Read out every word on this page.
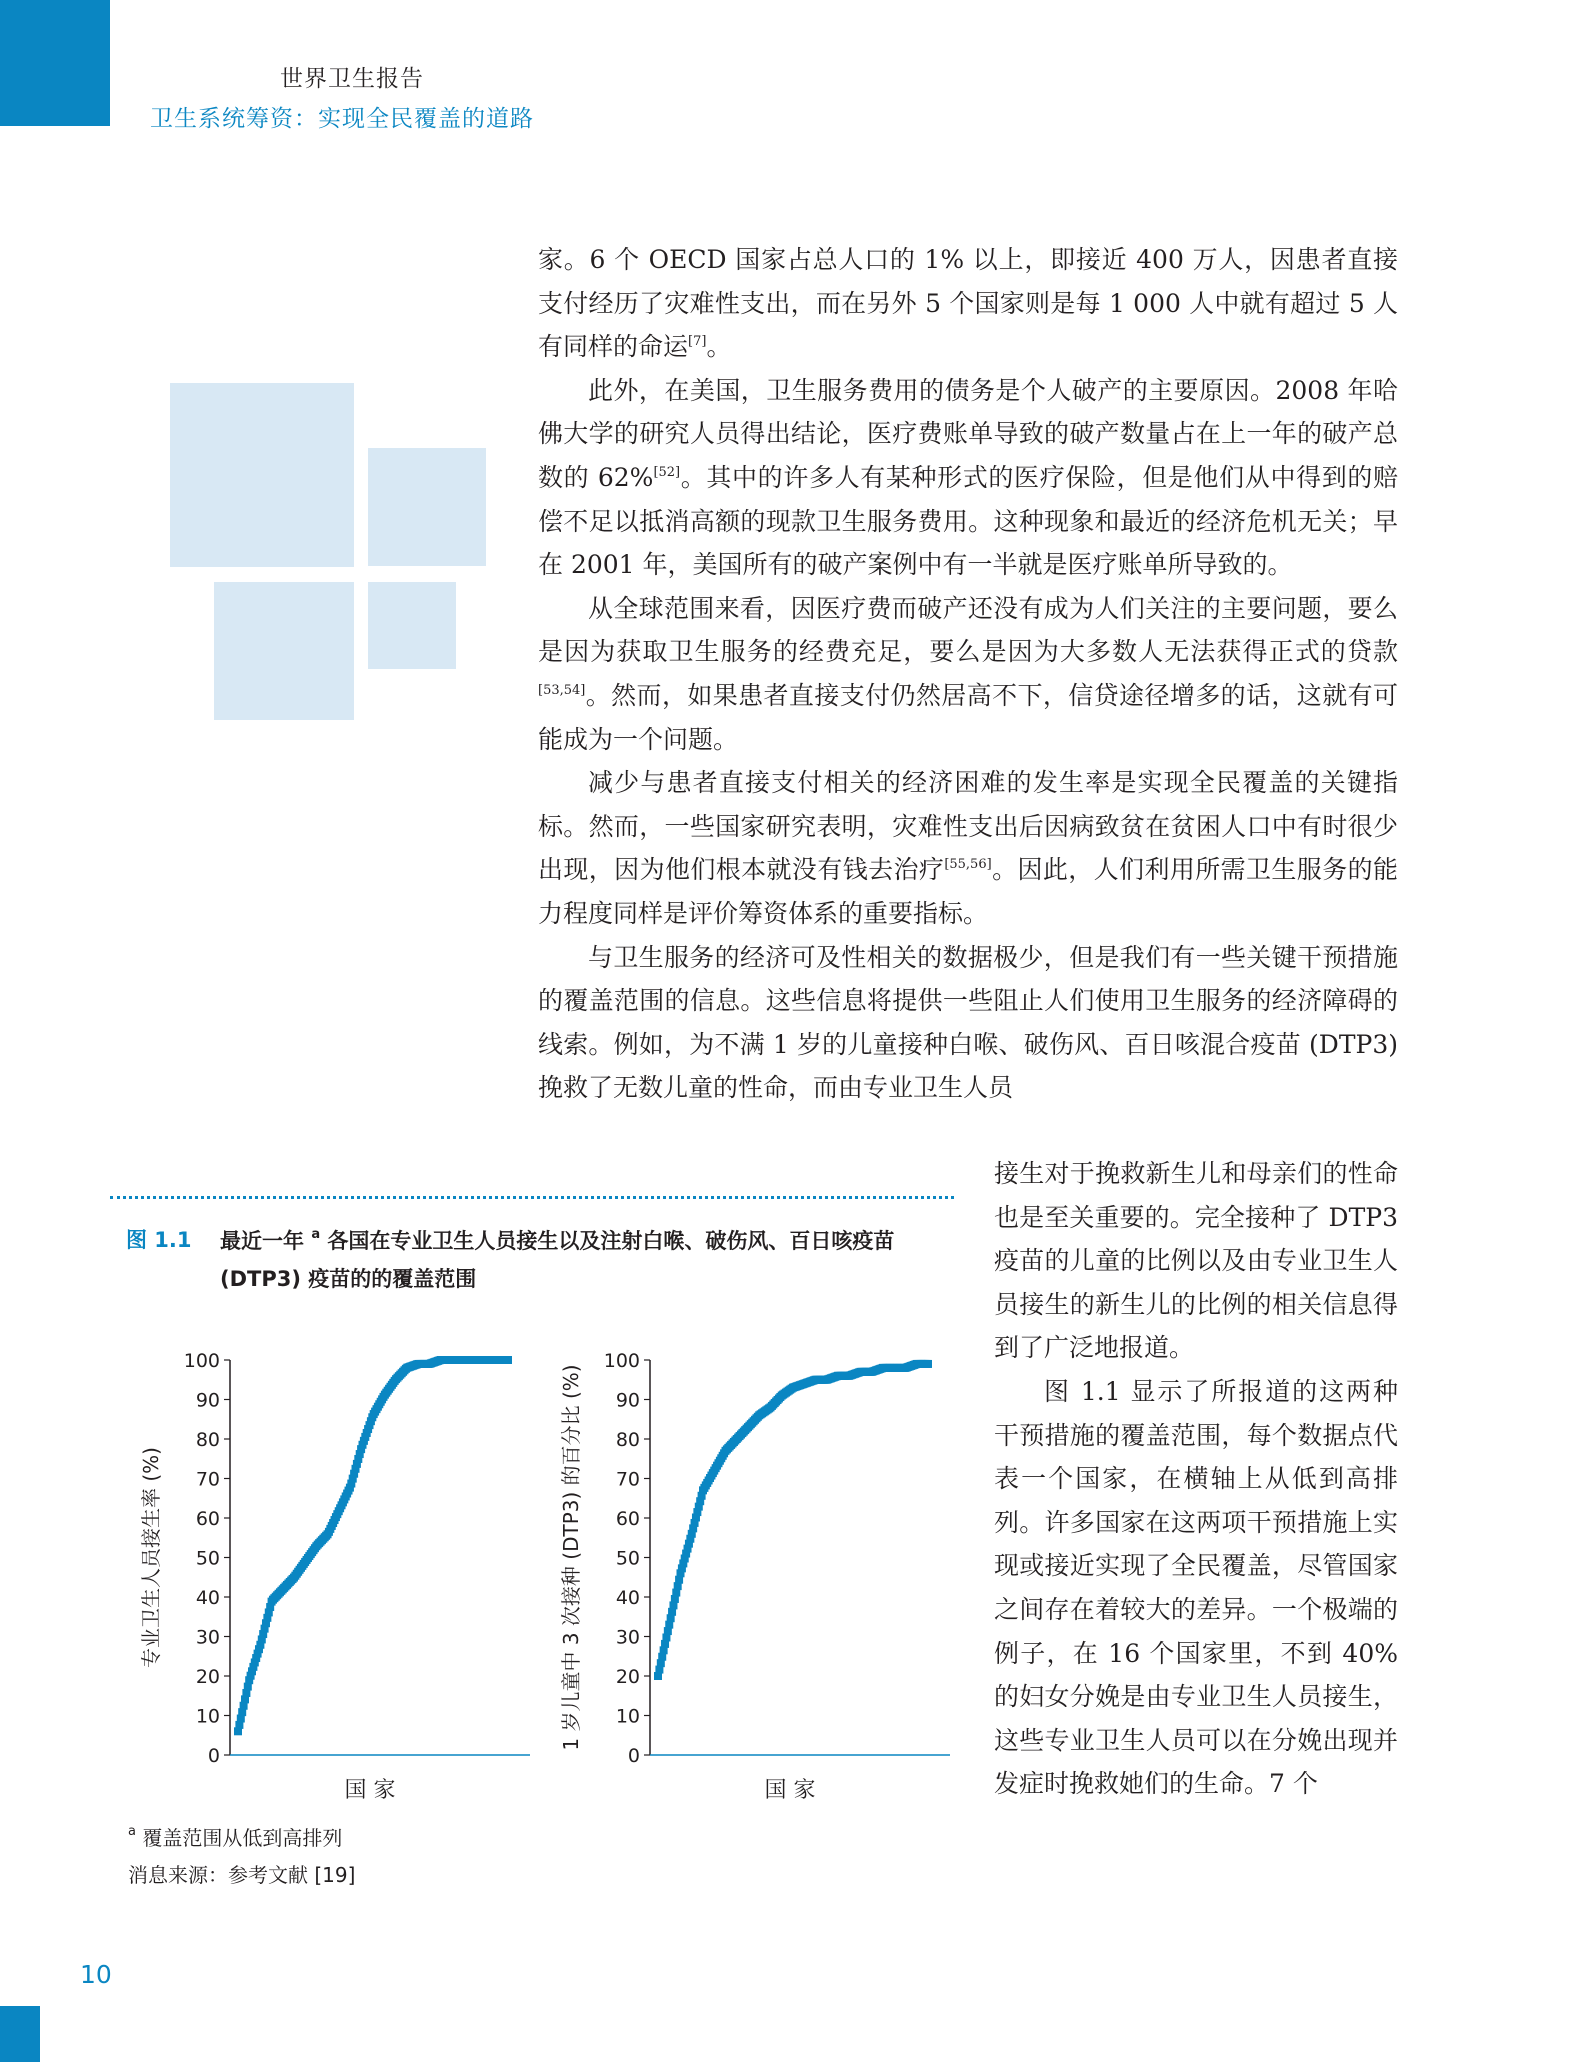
世界卫生报告
卫生系统筹资：实现全民覆盖的道路

家。6 个 OECD 国家占总人口的 1% 以上，即接近 400 万人，因患者直接支付经历了灾难性支出，而在另外 5 个国家则是每 1 000 人中就有超过 5 人有同样的命运[7]。

此外，在美国，卫生服务费用的债务是个人破产的主要原因。2008 年哈佛大学的研究人员得出结论，医疗费账单导致的破产数量占在上一年的破产总数的 62%[52]。其中的许多人有某种形式的医疗保险，但是他们从中得到的赔偿不足以抵消高额的现款卫生服务费用。这种现象和最近的经济危机无关；早在 2001 年，美国所有的破产案例中有一半就是医疗账单所导致的。

从全球范围来看，因医疗费而破产还没有成为人们关注的主要问题，要么是因为获取卫生服务的经费充足，要么是因为大多数人无法获得正式的贷款[53,54]。然而，如果患者直接支付仍然居高不下，信贷途径增多的话，这就有可能成为一个问题。

减少与患者直接支付相关的经济困难的发生率是实现全民覆盖的关键指标。然而，一些国家研究表明，灾难性支出后因病致贫在贫困人口中有时很少出现，因为他们根本就没有钱去治疗[55,56]。因此，人们利用所需卫生服务的能力程度同样是评价筹资体系的重要指标。

与卫生服务的经济可及性相关的数据极少，但是我们有一些关键干预措施的覆盖范围的信息。这些信息将提供一些阻止人们使用卫生服务的经济障碍的线索。例如，为不满 1 岁的儿童接种白喉、破伤风、百日咳混合疫苗 (DTP3) 挽救了无数儿童的性命，而由专业卫生人员

接生对于挽救新生儿和母亲们的性命也是至关重要的。完全接种了 DTP3 疫苗的儿童的比例以及由专业卫生人员接生的新生儿的比例的相关信息得到了广泛地报道。

图 1.1 显示了所报道的这两种干预措施的覆盖范围，每个数据点代表一个国家，在横轴上从低到高排列。许多国家在这两项干预措施上实现或接近实现了全民覆盖，尽管国家之间存在着较大的差异。一个极端的例子，在 16 个国家里，不到 40% 的妇女分娩是由专业卫生人员接生，这些专业卫生人员可以在分娩出现并发症时挽救她们的生命。7 个

图 1.1 最近一年 $^a$ 各国在专业卫生人员接生以及注射白喉、破伤风、百日咳疫苗 (DTP3) 疫苗的的覆盖范围
0
10
20
30
40
50
60
70
80
90
100
专业卫生人员接生率 (%)
国 家
0
10
20
30
40
50
60
70
80
90
100
1 岁儿童中 3 次接种 (DTP3) 的百分比 (%)
国 家
$^a$ 覆盖范围从低到高排列
消息来源：参考文献 [19]
10
